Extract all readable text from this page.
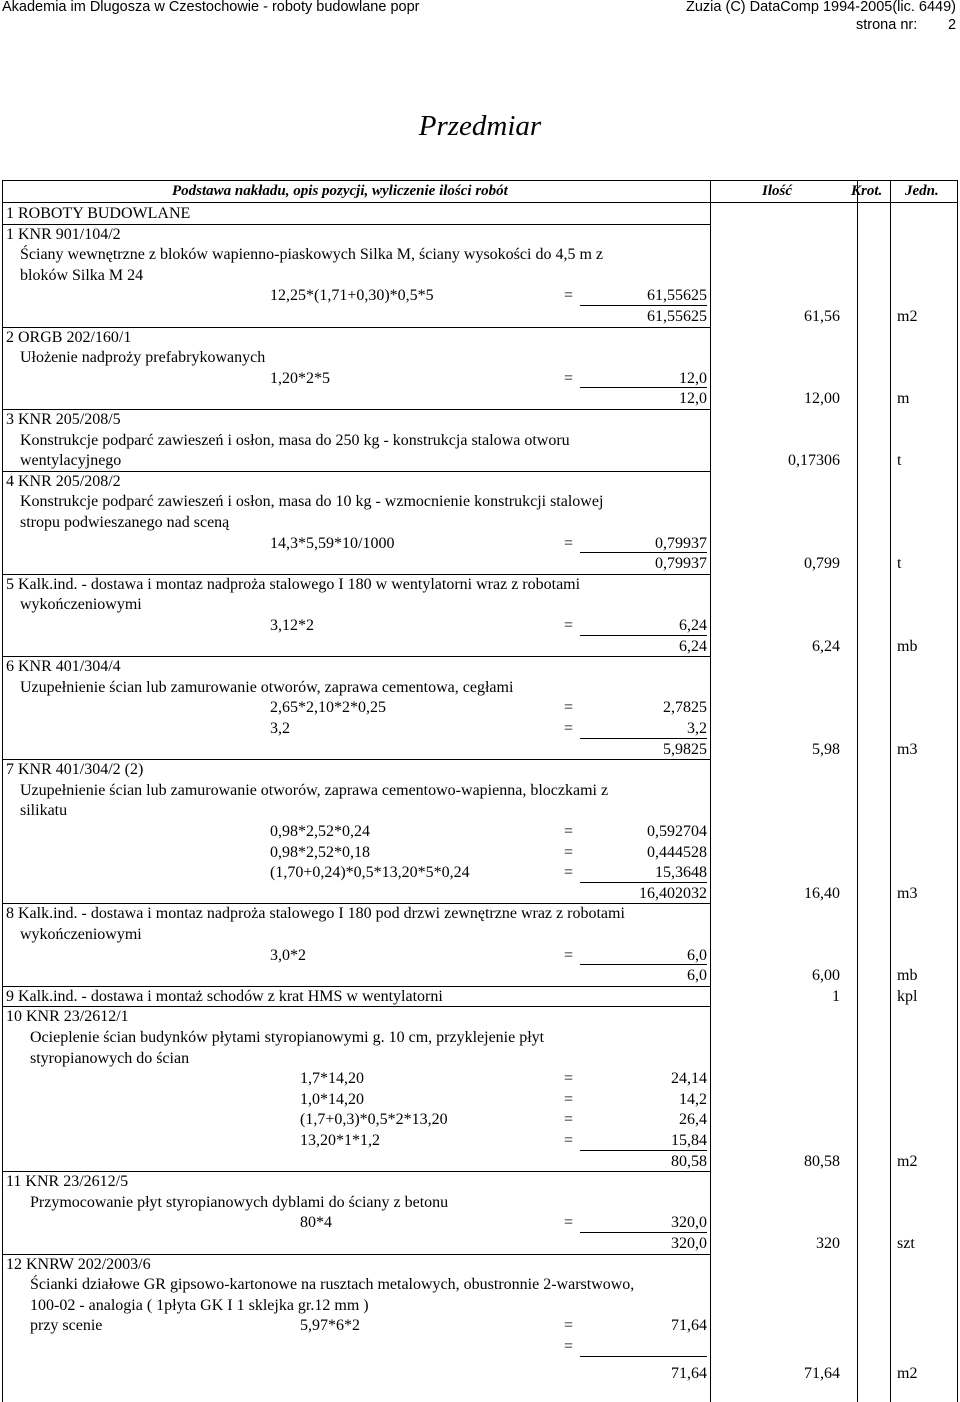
Akademia im Dlugosza w Czestochowie - roboty budowlane popr	Zuzia (C) DataComp 1994-2005(lic. 6449)
strona nr: 2
Przedmiar
Podstawa nakładu, opis pozycji, wyliczenie ilości robót	Ilość	Krot. Jedn.
1 ROBOTY BUDOWLANE
1 KNR 901/104/2
Ściany wewnętrzne z bloków wapienno-piaskowych Silka M, ściany wysokości do 4,5 m z
bloków Silka M 24
12,25*(1,71+0,30)*0,5*5	=	61,55625
61,55625	61,56	m2
2 ORGB 202/160/1
Ułożenie nadproży prefabrykowanych
1,20*2*5	=	12,0
12,0	12,00	m
3 KNR 205/208/5
Konstrukcje podparć zawieszeń i osłon, masa do 250 kg - konstrukcja stalowa otworu
wentylacyjnego	0,17306	t
4 KNR 205/208/2
Konstrukcje podparć zawieszeń i osłon, masa do 10 kg - wzmocnienie konstrukcji stalowej
stropu podwieszanego nad sceną
14,3*5,59*10/1000	=	0,79937
0,79937	0,799	t
5 Kalk.ind. - dostawa i montaz nadproża stalowego I 180 w wentylatorni wraz z robotami
wykończeniowymi
3,12*2	=	6,24
6,24	6,24	mb
6 KNR 401/304/4
Uzupełnienie ścian lub zamurowanie otworów, zaprawa cementowa, cegłami
2,65*2,10*2*0,25	=	2,7825
3,2	=	3,2
5,9825	5,98	m3
7 KNR 401/304/2 (2)
Uzupełnienie ścian lub zamurowanie otworów, zaprawa cementowo-wapienna, bloczkami z
silikatu
0,98*2,52*0,24	=	0,592704
0,98*2,52*0,18	=	0,444528
(1,70+0,24)*0,5*13,20*5*0,24	=	15,3648
16,402032	16,40	m3
8 Kalk.ind. - dostawa i montaz nadproża stalowego I 180 pod drzwi zewnętrzne wraz z robotami
wykończeniowymi
3,0*2	=	6,0
6,0	6,00	mb
9 Kalk.ind. - dostawa i montaż schodów z krat HMS w wentylatorni	1	kpl
10 KNR 23/2612/1
Ocieplenie ścian budynków płytami styropianowymi g. 10 cm, przyklejenie płyt
styropianowych do ścian
1,7*14,20	=	24,14
1,0*14,20	=	14,2
(1,7+0,3)*0,5*2*13,20	=	26,4
13,20*1*1,2	=	15,84
80,58	80,58	m2
11 KNR 23/2612/5
Przymocowanie płyt styropianowych dyblami do ściany z betonu
80*4	=	320,0
320,0	320	szt
12 KNRW 202/2003/6
Ścianki działowe GR gipsowo-kartonowe na rusztach metalowych, obustronnie 2-warstwowo,
100-02 - analogia ( 1płyta GK I 1 sklejka gr.12 mm )
przy scenie	5,97*6*2	=	71,64
=
71,64	71,64	m2
